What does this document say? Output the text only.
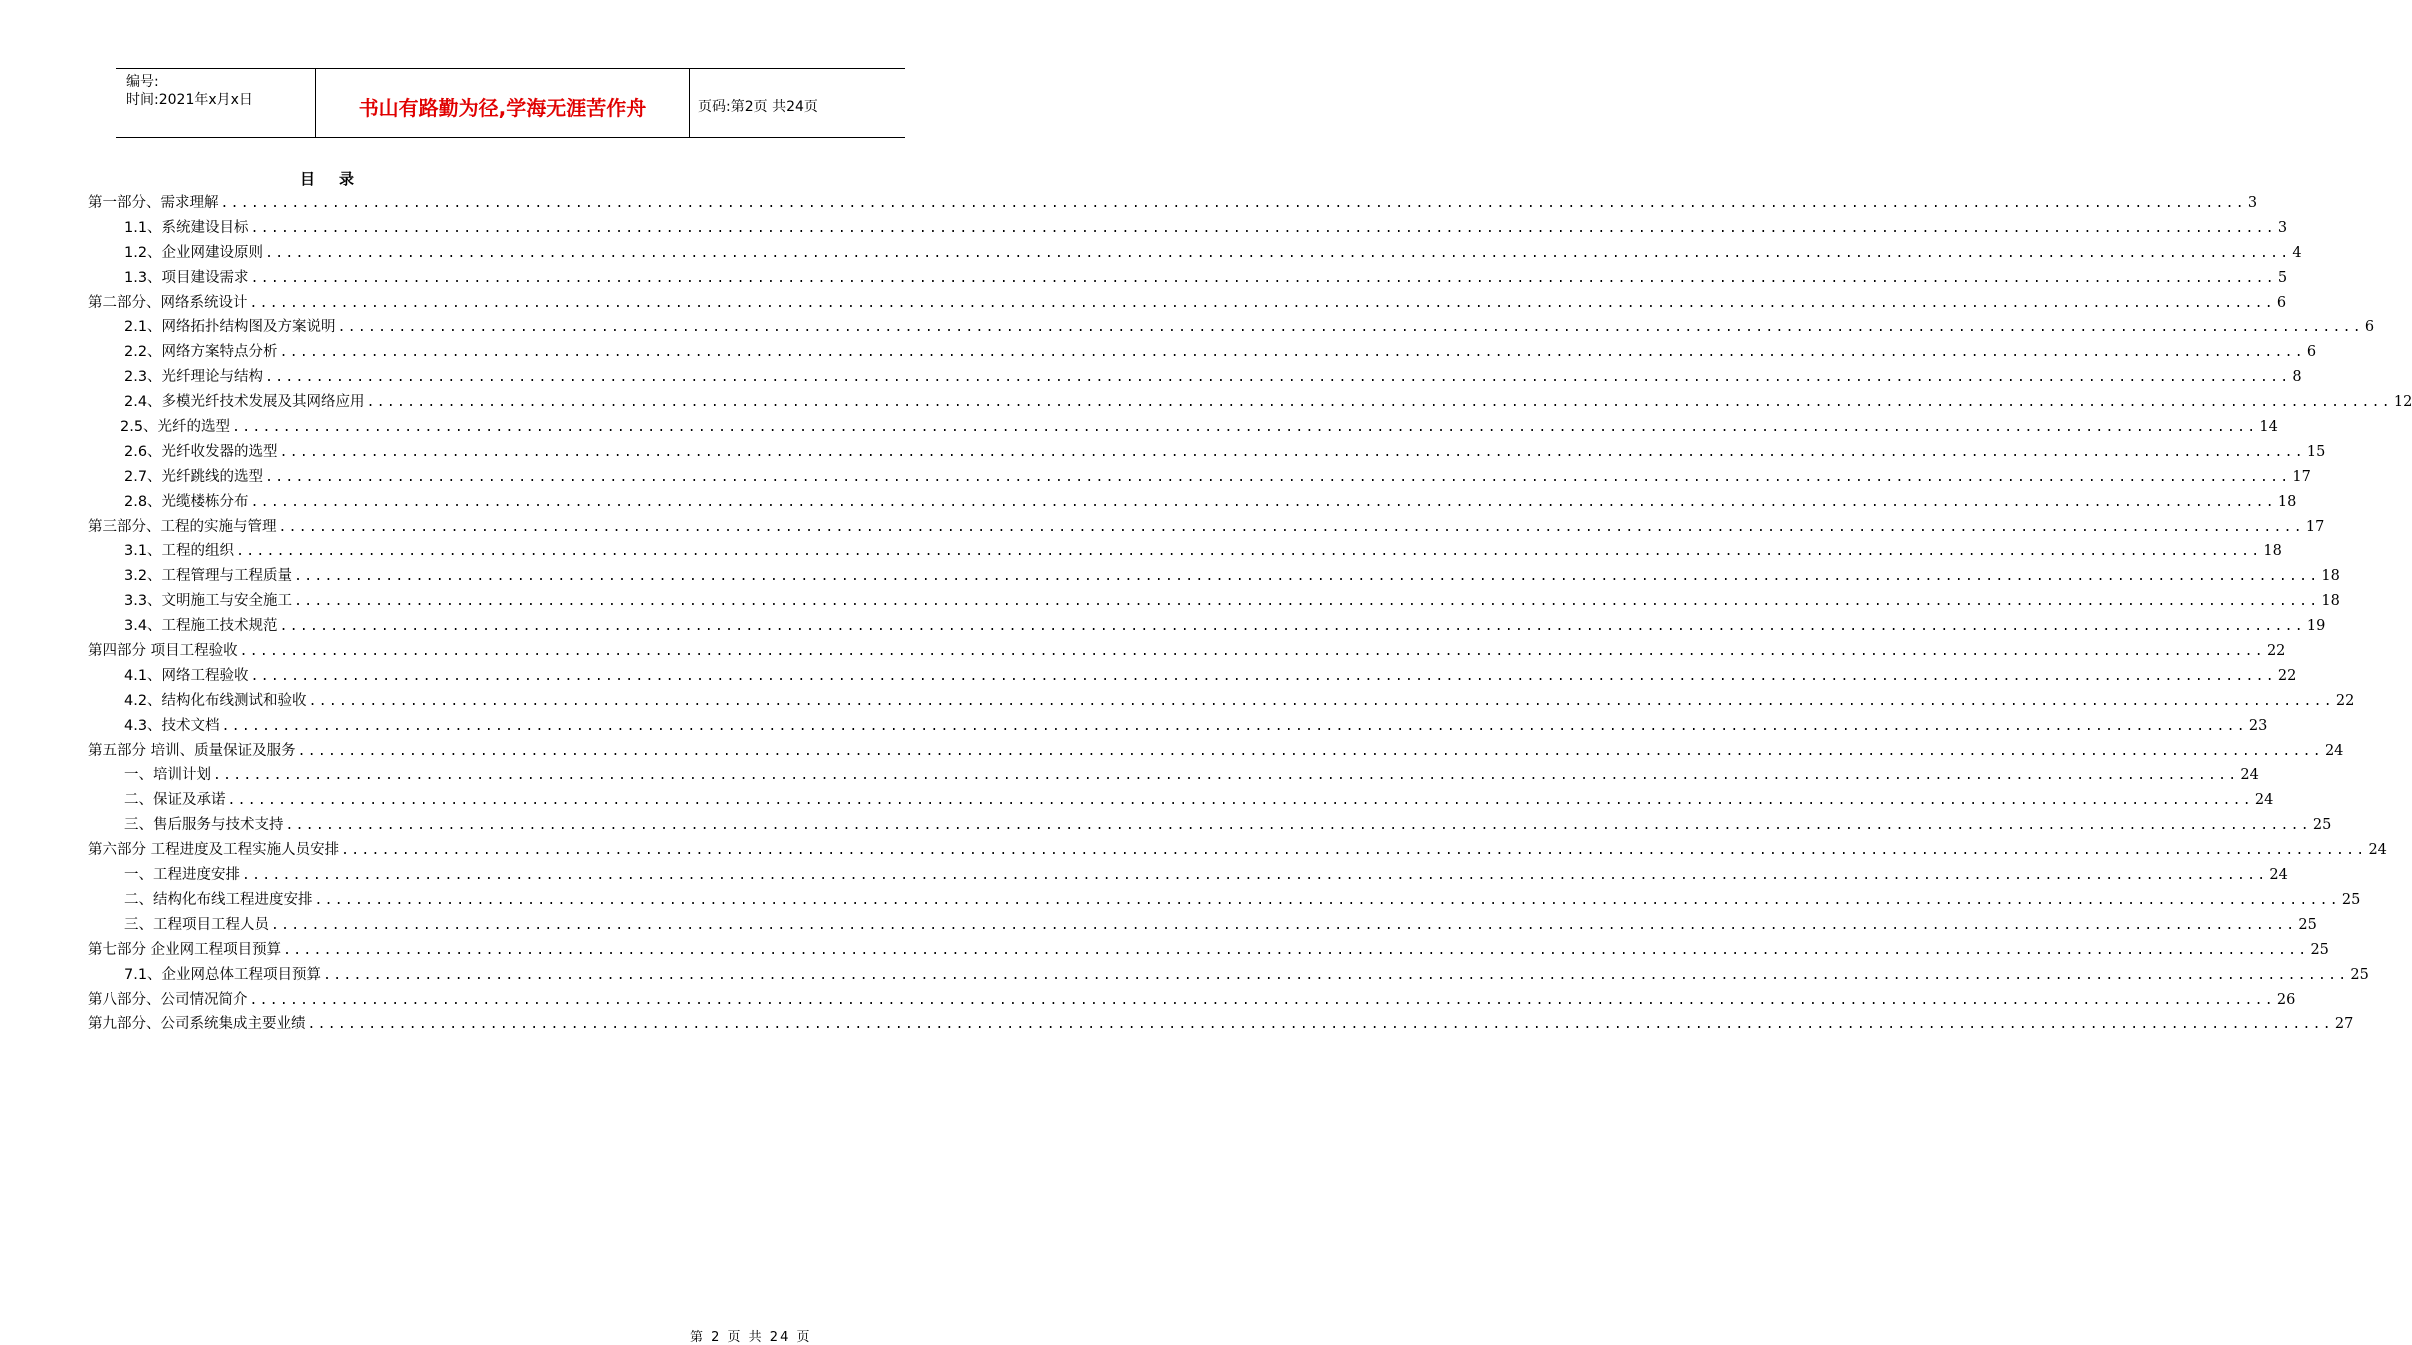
编号:
时间:2021年x月x日	书山有路勤为径,学海无涯苦作舟	页码:第2页 共24页
目录
第一部分、需求理解 ........................................................................................................................................................................................................ 3
1.1、系统建设目标 ........................................................................................................................................................................................................ 3
1.2、企业网建设原则 ........................................................................................................................................................................................................ 4
1.3、项目建设需求 ........................................................................................................................................................................................................ 5
第二部分、网络系统设计 ........................................................................................................................................................................................................ 6
2.1、网络拓扑结构图及方案说明 ........................................................................................................................................................................................................ 6
2.2、网络方案特点分析 ........................................................................................................................................................................................................ 6
2.3、光纤理论与结构 ........................................................................................................................................................................................................ 8
2.4、多模光纤技术发展及其网络应用 ........................................................................................................................................................................................................ 12
2.5、光纤的选型 ........................................................................................................................................................................................................ 14
2.6、光纤收发器的选型 ........................................................................................................................................................................................................ 15
2.7、光纤跳线的选型 ........................................................................................................................................................................................................ 17
2.8、光缆楼栋分布 ........................................................................................................................................................................................................ 18
第三部分、工程的实施与管理 ........................................................................................................................................................................................................ 17
3.1、工程的组织 ........................................................................................................................................................................................................ 18
3.2、工程管理与工程质量 ........................................................................................................................................................................................................ 18
3.3、文明施工与安全施工 ........................................................................................................................................................................................................ 18
3.4、工程施工技术规范 ........................................................................................................................................................................................................ 19
第四部分 项目工程验收 ........................................................................................................................................................................................................ 22
4.1、网络工程验收 ........................................................................................................................................................................................................ 22
4.2、结构化布线测试和验收 ........................................................................................................................................................................................................ 22
4.3、技术文档 ........................................................................................................................................................................................................ 23
第五部分 培训、质量保证及服务 ........................................................................................................................................................................................................ 24
一、培训计划 ........................................................................................................................................................................................................ 24
二、保证及承诺 ........................................................................................................................................................................................................ 24
三、售后服务与技术支持 ........................................................................................................................................................................................................ 25
第六部分 工程进度及工程实施人员安排 ........................................................................................................................................................................................................ 24
一、工程进度安排 ........................................................................................................................................................................................................ 24
二、结构化布线工程进度安排 ........................................................................................................................................................................................................ 25
三、工程项目工程人员 ........................................................................................................................................................................................................ 25
第七部分 企业网工程项目预算 ........................................................................................................................................................................................................ 25
7.1、企业网总体工程项目预算 ........................................................................................................................................................................................................ 25
第八部分、公司情况简介 ........................................................................................................................................................................................................ 26
第九部分、公司系统集成主要业绩 ........................................................................................................................................................................................................ 27
第 2 页 共 24 页
